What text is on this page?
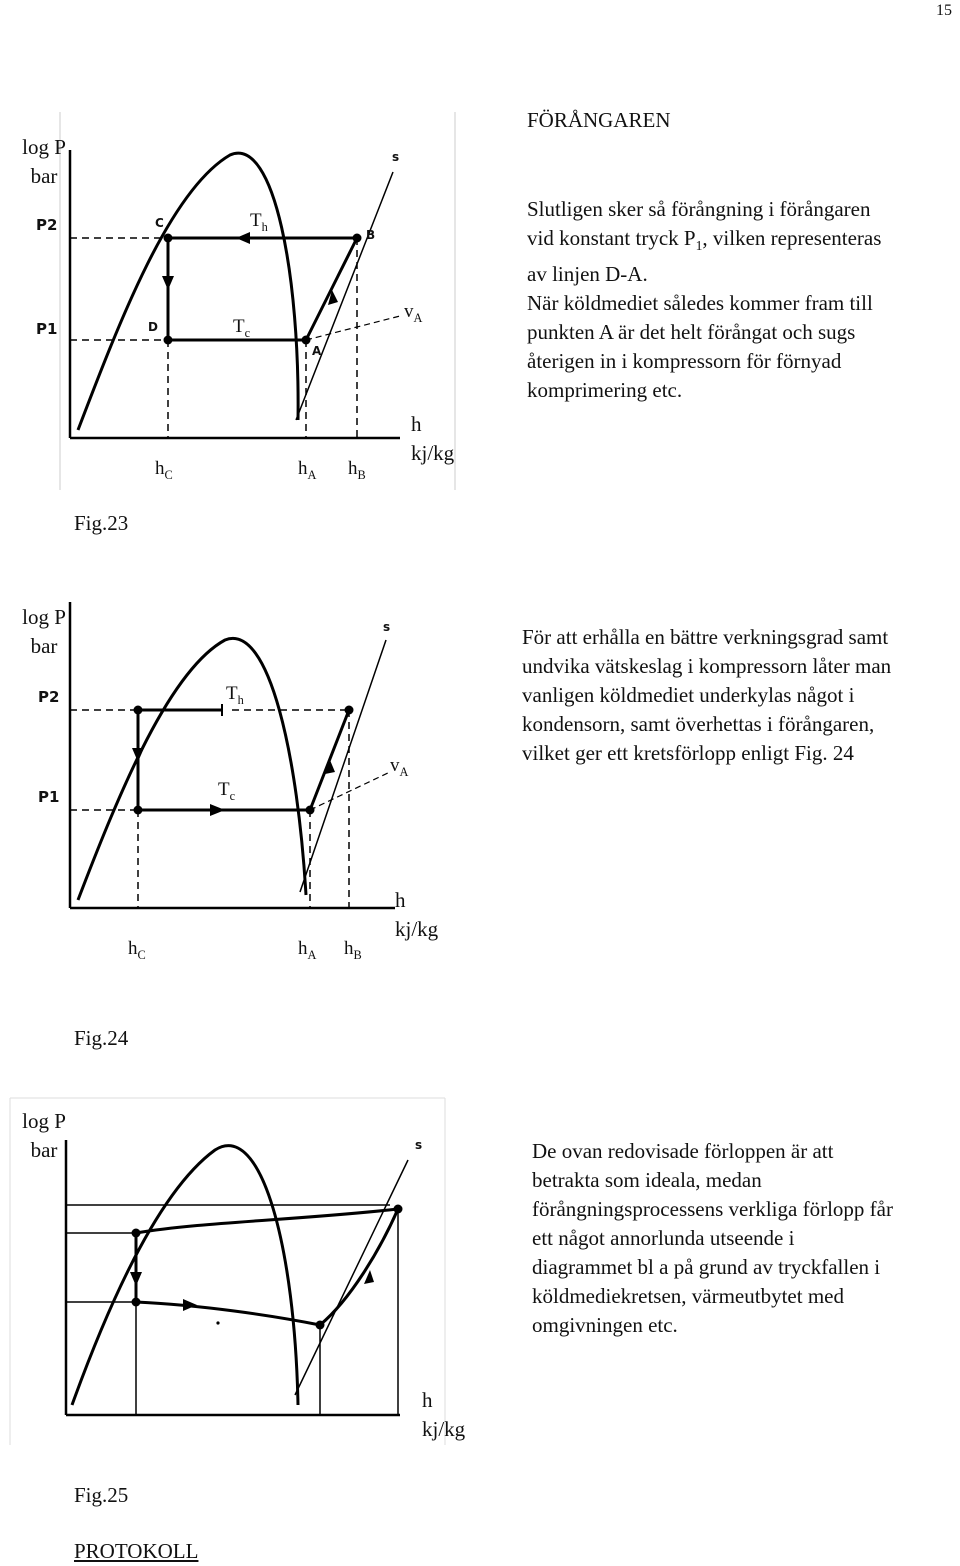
15
log P
bar
P2
P1
C
B
D
A
s
$T_h$
$T_c$
$v_A$
$h_C$	$h_A$ $h_B$
h
kj/kg
Fig.23
FÖRÅNGAREN
Slutligen sker så förångning i förångaren
vid konstant tryck $P_1$, vilken representeras
av linjen D-A.
När köldmediet således kommer fram till
punkten A är det helt förångat och sugs
återigen in i kompressorn för förnyad
komprimering etc.
log P
bar
P2
P1
s
$T_h$
$T_c$
$v_A$
$h_C$	$h_A$ $h_B$
h
kj/kg
Fig.24
För att erhålla en bättre verkningsgrad samt
undvika vätskeslag i kompressorn låter man
vanligen köldmediet underkylas något i
kondensorn, samt överhettas i förångaren,
vilket ger ett kretsförlopp enligt Fig. 24
log P
bar	s
h
kj/kg
Fig.25
De ovan redovisade förloppen är att
betrakta som ideala, medan
förångningsprocessens verkliga förlopp får
ett något annorlunda utseende i
diagrammet bl a på grund av tryckfallen i
köldmediekretsen, värmeutbytet med
omgivningen etc.
PROTOKOLL
